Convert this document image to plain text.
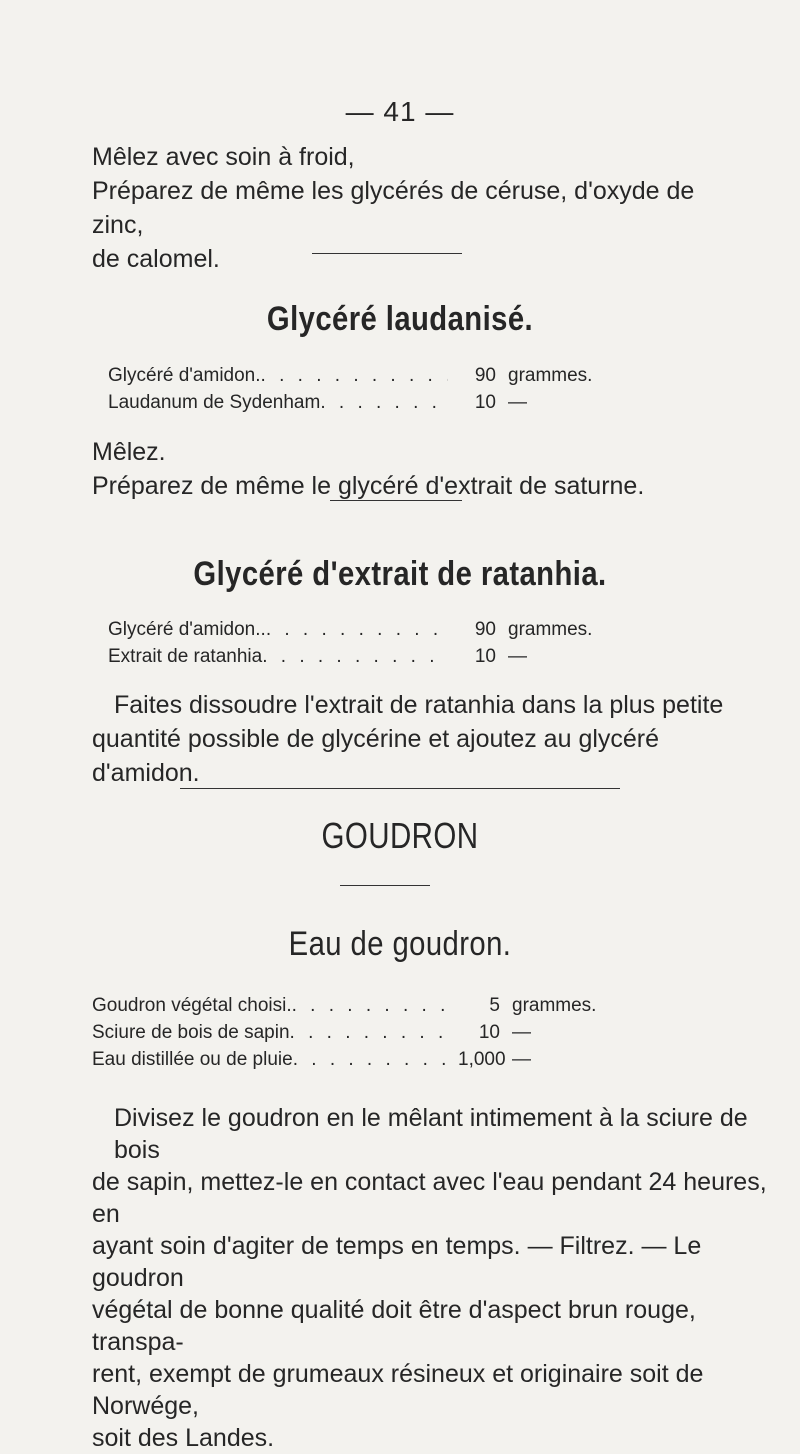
— 41 —
Mêlez avec soin à froid,
Préparez de même les glycérés de céruse, d'oxyde de zinc,
de calomel.
Glycéré laudanisé.
Glycéré d'amidon. . . .	90 grammes.
Laudanum de Sydenham . . .	10 —
Mêlez.
Préparez de même le glycéré d'extrait de saturne.
Glycéré d'extrait de ratanhia.
Glycéré d'amidon.. . . .	90 grammes.
Extrait de ratanhia . . .	10 —
Faites dissoudre l'extrait de ratanhia dans la plus petite
quantité possible de glycérine et ajoutez au glycéré d'amidon.
GOUDRON
Eau de goudron.
Goudron végétal choisi. . . .	5 grammes.
Sciure de bois de sapin . . .	10 —
Eau distillée ou de pluie . . .	1,000 —
Divisez le goudron en le mêlant intimement à la sciure de bois
de sapin, mettez-le en contact avec l'eau pendant 24 heures, en
ayant soin d'agiter de temps en temps. — Filtrez. — Le goudron
végétal de bonne qualité doit être d'aspect brun rouge, transpa-
rent, exempt de grumeaux résineux et originaire soit de Norwége,
soit des Landes.
